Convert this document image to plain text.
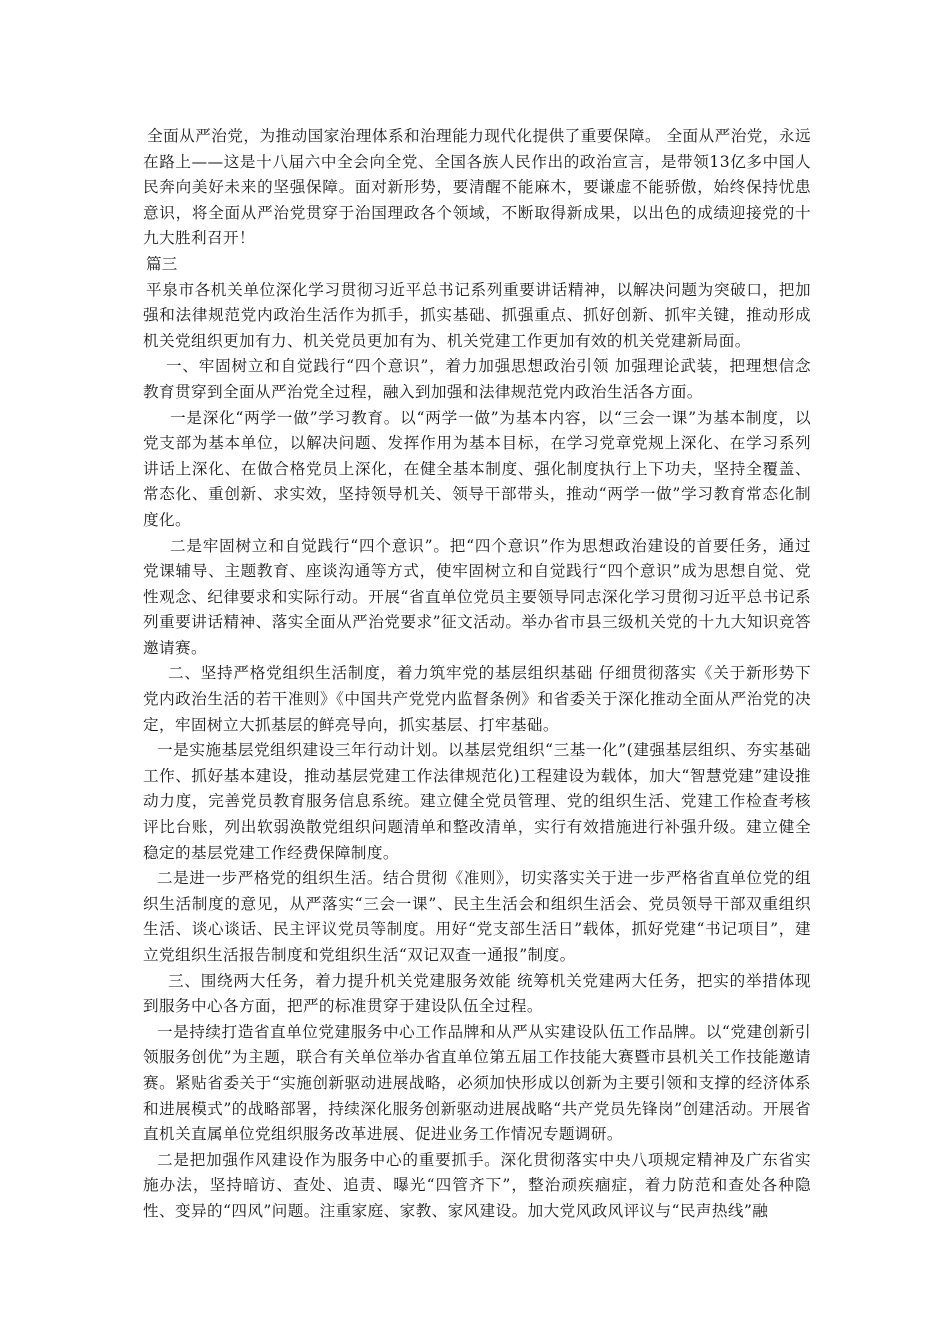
全面从严治党，为推动国家治理体系和治理能力现代化提供了重要保障。 全面从严治党，永远在路上——这是十八届六中全会向全党、全国各族人民作出的政治宣言，是带领13亿多中国人民奔向美好未来的坚强保障。面对新形势，要清醒不能麻木，要谦虚不能骄傲，始终保持忧患意识，将全面从严治党贯穿于治国理政各个领域，不断取得新成果，以出色的成绩迎接党的十九大胜利召开！

篇三

平泉市各机关单位深化学习贯彻习近平总书记系列重要讲话精神，以解决问题为突破口，把加强和法律规范党内政治生活作为抓手，抓实基础、抓强重点、抓好创新、抓牢关键，推动形成机关党组织更加有力、机关党员更加有为、机关党建工作更加有效的机关党建新局面。

一、牢固树立和自觉践行“四个意识”，着力加强思想政治引领 加强理论武装，把理想信念教育贯穿到全面从严治党全过程，融入到加强和法律规范党内政治生活各方面。

一是深化“两学一做”学习教育。以“两学一做”为基本内容，以“三会一课”为基本制度，以党支部为基本单位，以解决问题、发挥作用为基本目标，在学习党章党规上深化、在学习系列讲话上深化、在做合格党员上深化，在健全基本制度、强化制度执行上下功夫，坚持全覆盖、常态化、重创新、求实效，坚持领导机关、领导干部带头，推动“两学一做”学习教育常态化制度化。

二是牢固树立和自觉践行“四个意识”。把“四个意识”作为思想政治建设的首要任务，通过党课辅导、主题教育、座谈沟通等方式，使牢固树立和自觉践行“四个意识”成为思想自觉、党性观念、纪律要求和实际行动。开展“省直单位党员主要领导同志深化学习贯彻习近平总书记系列重要讲话精神、落实全面从严治党要求”征文活动。举办省市县三级机关党的十九大知识竞答邀请赛。

二、坚持严格党组织生活制度，着力筑牢党的基层组织基础 仔细贯彻落实《关于新形势下党内政治生活的若干准则》《中国共产党党内监督条例》和省委关于深化推动全面从严治党的决定，牢固树立大抓基层的鲜亮导向，抓实基层、打牢基础。

一是实施基层党组织建设三年行动计划。以基层党组织“三基一化”(建强基层组织、夯实基础工作、抓好基本建设，推动基层党建工作法律规范化)工程建设为载体，加大“智慧党建”建设推动力度，完善党员教育服务信息系统。建立健全党员管理、党的组织生活、党建工作检查考核评比台账，列出软弱涣散党组织问题清单和整改清单，实行有效措施进行补强升级。建立健全稳定的基层党建工作经费保障制度。

二是进一步严格党的组织生活。结合贯彻《准则》，切实落实关于进一步严格省直单位党的组织生活制度的意见，从严落实“三会一课”、民主生活会和组织生活会、党员领导干部双重组织生活、谈心谈话、民主评议党员等制度。用好“党支部生活日”载体，抓好党建“书记项目”，建立党组织生活报告制度和党组织生活“双记双查一通报”制度。

三、围绕两大任务，着力提升机关党建服务效能 统筹机关党建两大任务，把实的举措体现到服务中心各方面，把严的标准贯穿于建设队伍全过程。

一是持续打造省直单位党建服务中心工作品牌和从严从实建设队伍工作品牌。以“党建创新引领服务创优”为主题，联合有关单位举办省直单位第五届工作技能大赛暨市县机关工作技能邀请赛。紧贴省委关于“实施创新驱动进展战略，必须加快形成以创新为主要引领和支撑的经济体系和进展模式”的战略部署，持续深化服务创新驱动进展战略“共产党员先锋岗”创建活动。开展省直机关直属单位党组织服务改革进展、促进业务工作情况专题调研。

二是把加强作风建设作为服务中心的重要抓手。深化贯彻落实中央八项规定精神及广东省实施办法，坚持暗访、查处、追责、曝光“四管齐下”，整治顽疾痼症，着力防范和查处各种隐性、变异的“四风”问题。注重家庭、家教、家风建设。加大党风政风评议与“民声热线”融
